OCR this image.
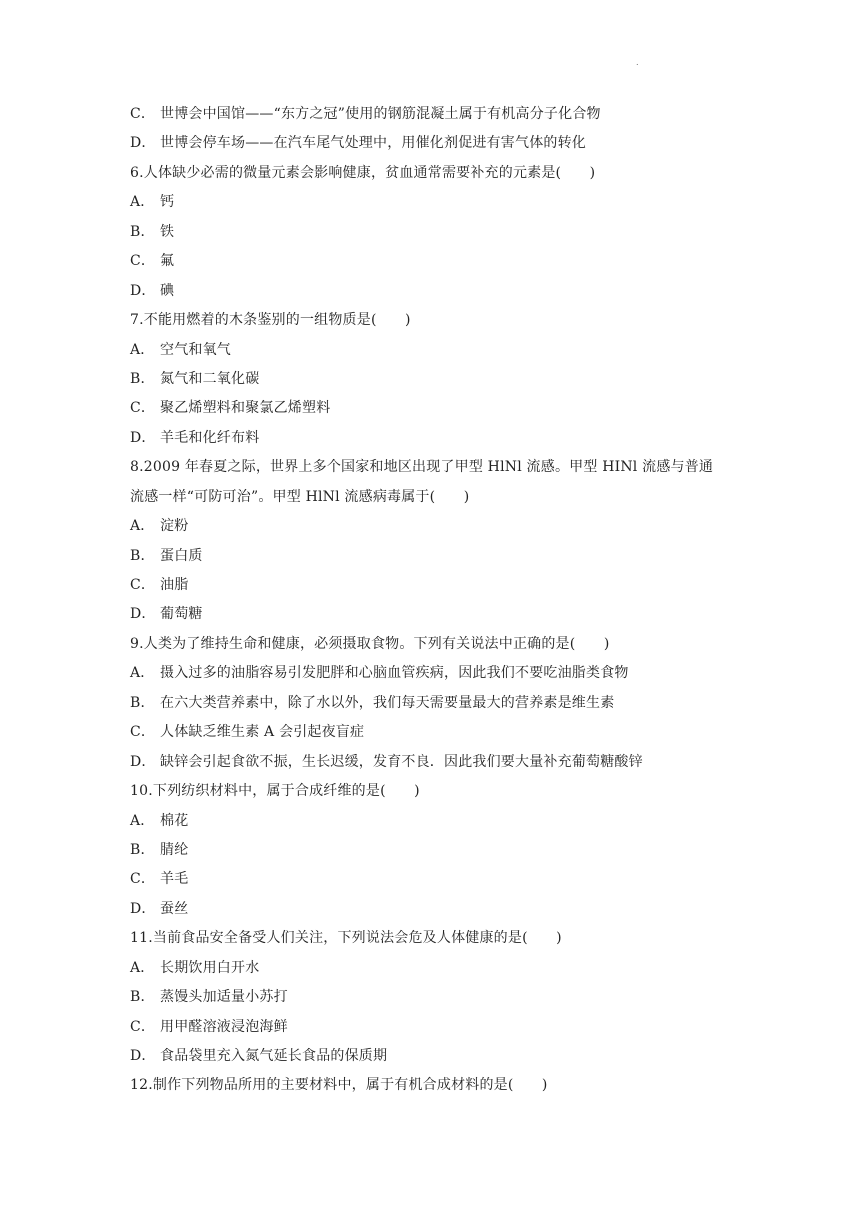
.
C． 世博会中国馆——“东方之冠”使用的钢筋混凝土属于有机高分子化合物
D． 世博会停车场——在汽车尾气处理中，用催化剂促进有害气体的转化
6.人体缺少必需的微量元素会影响健康，贫血通常需要补充的元素是(　　)
A． 钙
B． 铁
C． 氟
D． 碘
7.不能用燃着的木条鉴别的一组物质是(　　)
A． 空气和氧气
B． 氮气和二氧化碳
C． 聚乙烯塑料和聚氯乙烯塑料
D． 羊毛和化纤布料
8.2009 年春夏之际，世界上多个国家和地区出现了甲型 HlNl 流感。甲型 HINl 流感与普通
流感一样“可防可治”。甲型 HlNl 流感病毒属于(　　)
A． 淀粉
B． 蛋白质
C． 油脂
D． 葡萄糖
9.人类为了维持生命和健康，必须摄取食物。下列有关说法中正确的是(　　)
A． 摄入过多的油脂容易引发肥胖和心脑血管疾病，因此我们不要吃油脂类食物
B． 在六大类营养素中，除了水以外，我们每天需要量最大的营养素是维生素
C． 人体缺乏维生素 A 会引起夜盲症
D． 缺锌会引起食欲不振，生长迟缓，发育不良．因此我们要大量补充葡萄糖酸锌
10.下列纺织材料中，属于合成纤维的是(　　)
A． 棉花
B． 腈纶
C． 羊毛
D． 蚕丝
11.当前食品安全备受人们关注，下列说法会危及人体健康的是(　　)
A． 长期饮用白开水
B． 蒸馒头加适量小苏打
C． 用甲醛溶液浸泡海鲜
D． 食品袋里充入氮气延长食品的保质期
12.制作下列物品所用的主要材料中，属于有机合成材料的是(　　)
